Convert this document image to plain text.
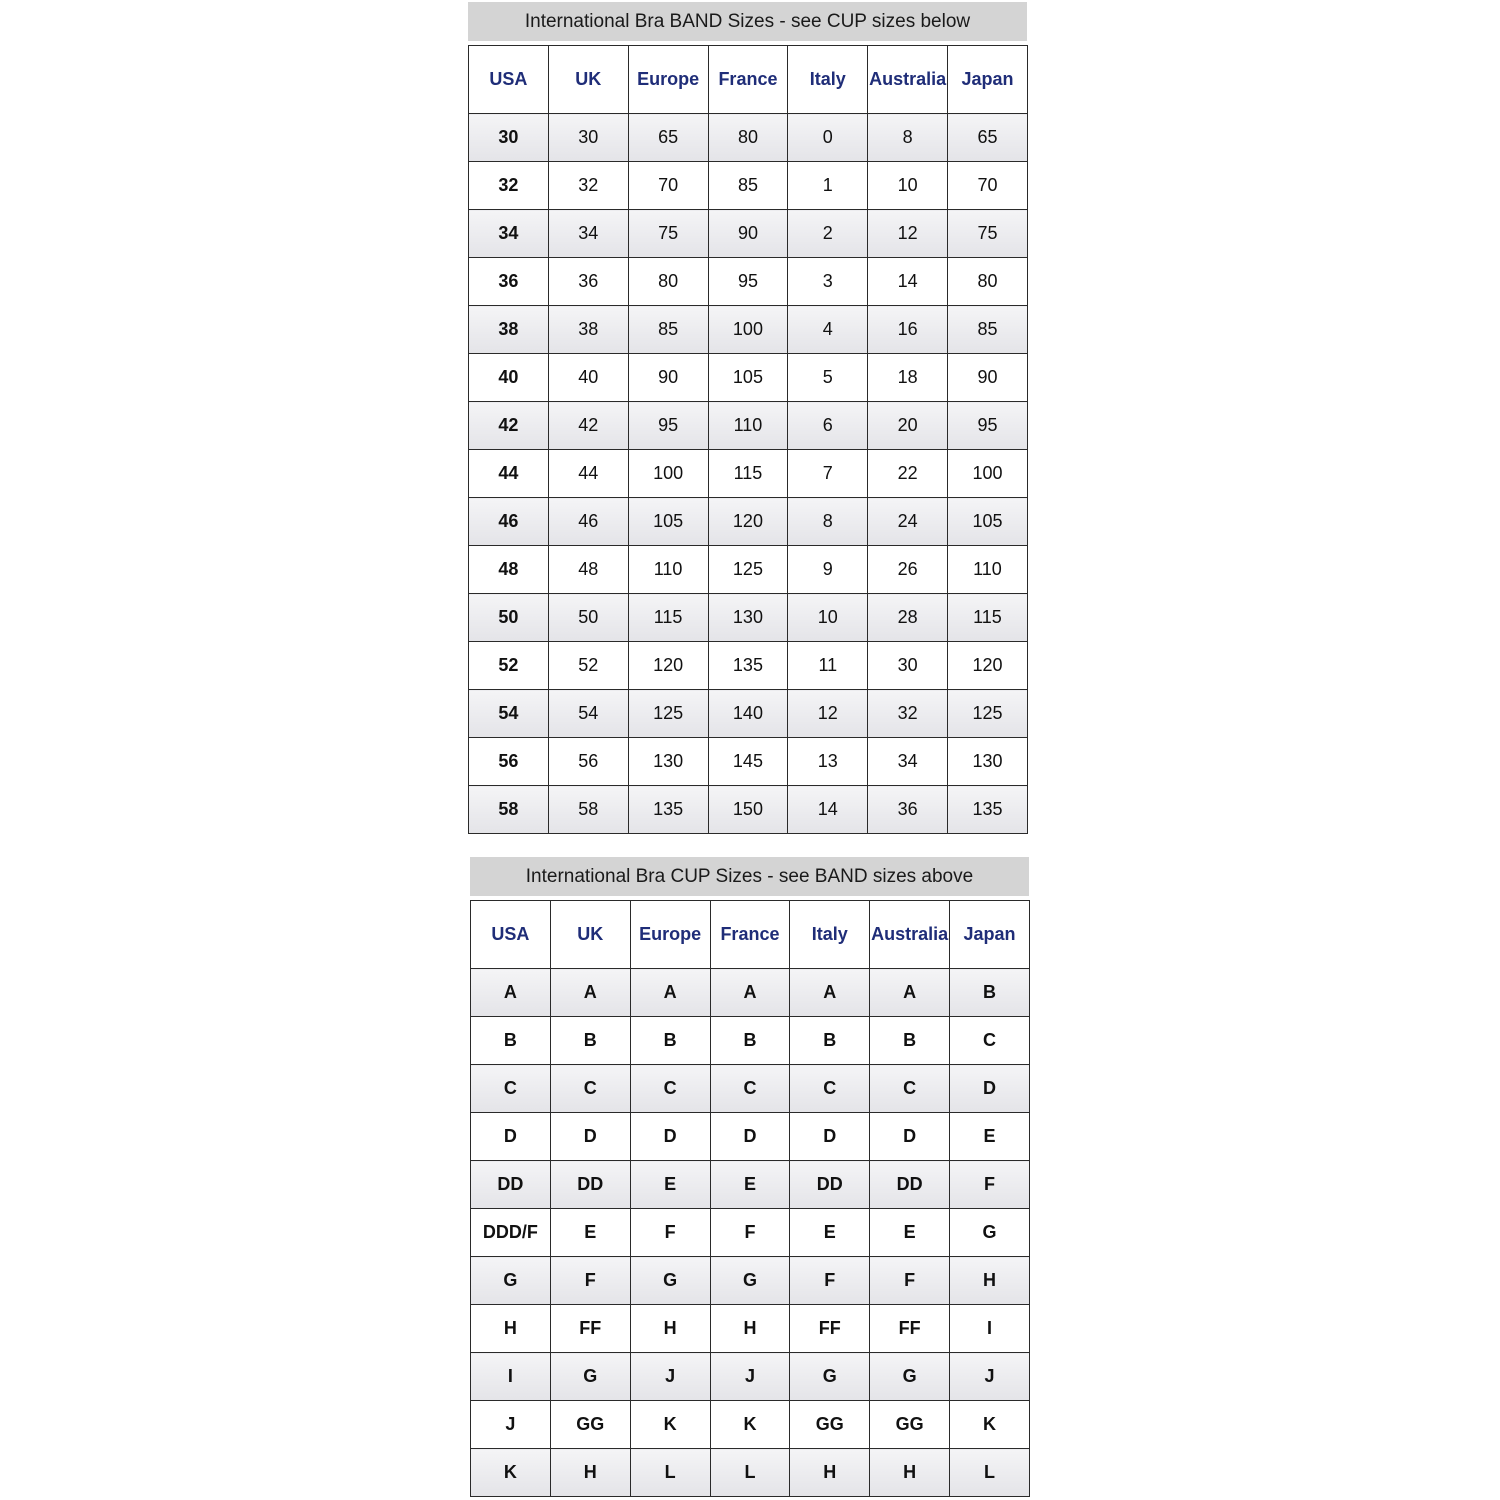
International Bra BAND Sizes - see CUP sizes below
USA	UK	Europe	France	Italy	Australia	Japan
30	30	65	80	0	8	65
32	32	70	85	1	10	70
34	34	75	90	2	12	75
36	36	80	95	3	14	80
38	38	85	100	4	16	85
40	40	90	105	5	18	90
42	42	95	110	6	20	95
44	44	100	115	7	22	100
46	46	105	120	8	24	105
48	48	110	125	9	26	110
50	50	115	130	10	28	115
52	52	120	135	11	30	120
54	54	125	140	12	32	125
56	56	130	145	13	34	130
58	58	135	150	14	36	135
International Bra CUP Sizes - see BAND sizes above
USA	UK	Europe	France	Italy	Australia	Japan
A	A	A	A	A	A	B
B	B	B	B	B	B	C
C	C	C	C	C	C	D
D	D	D	D	D	D	E
DD	DD	E	E	DD	DD	F
DDD/F	E	F	F	E	E	G
G	F	G	G	F	F	H
H	FF	H	H	FF	FF	I
I	G	J	J	G	G	J
J	GG	K	K	GG	GG	K
K	H	L	L	H	H	L
